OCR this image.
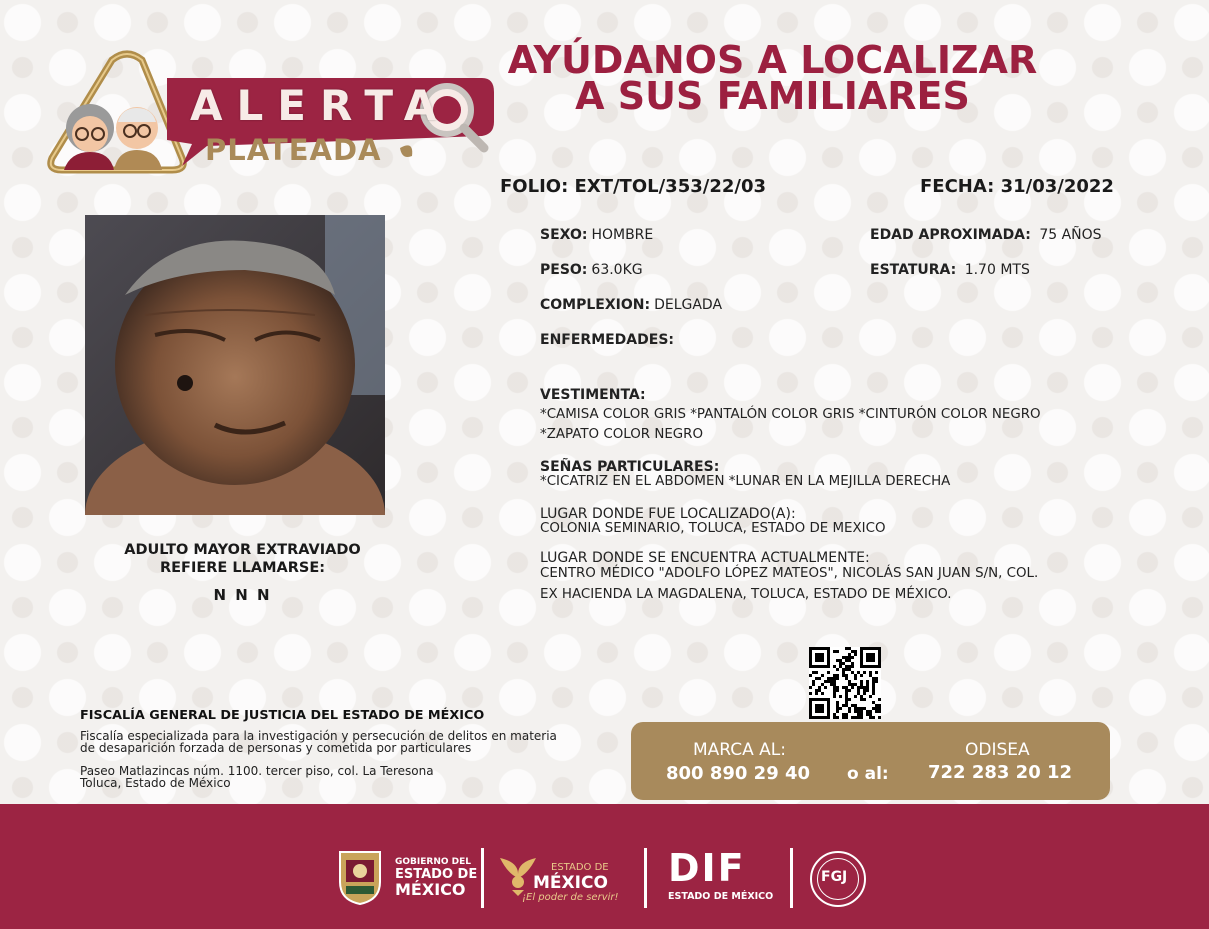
ALERTA
PLATEADA
AYÚDANOS A LOCALIZAR
A SUS FAMILIARES
FOLIO: EXT/TOL/353/22/03	FECHA: 31/03/2022
ADULTO MAYOR EXTRAVIADO
REFIERE LLAMARSE:
N N N
SEXO: HOMBRE	EDAD APROXIMADA: 75 AÑOS
PESO: 63.0KG	ESTATURA: 1.70 MTS
COMPLEXION: DELGADA
ENFERMEDADES:
VESTIMENTA:
*CAMISA COLOR GRIS *PANTALÓN COLOR GRIS *CINTURÓN COLOR NEGRO
*ZAPATO COLOR NEGRO
SEÑAS PARTICULARES:
*CICATRIZ EN EL ABDOMEN *LUNAR EN LA MEJILLA DERECHA
LUGAR DONDE FUE LOCALIZADO(A):
COLONIA SEMINARIO, TOLUCA, ESTADO DE MEXICO
LUGAR DONDE SE ENCUENTRA ACTUALMENTE:
CENTRO MÉDICO "ADOLFO LÓPEZ MATEOS", NICOLÁS SAN JUAN S/N, COL.
EX HACIENDA LA MAGDALENA, TOLUCA, ESTADO DE MÉXICO.
FISCALÍA GENERAL DE JUSTICIA DEL ESTADO DE MÉXICO
Fiscalía especializada para la investigación y persecución de delitos en materia
de desaparición forzada de personas y cometida por particulares
Paseo Matlazincas núm. 1100. tercer piso, col. La Teresona
Toluca, Estado de México
MARCA AL:
800 890 29 40 o al:
ODISEA
722 283 20 12
GOBIERNO DEL
ESTADO DE
MÉXICO
ESTADO DE
MÉXICO
¡El poder de servir!
DIF
ESTADO DE MÉXICO
FGJ
